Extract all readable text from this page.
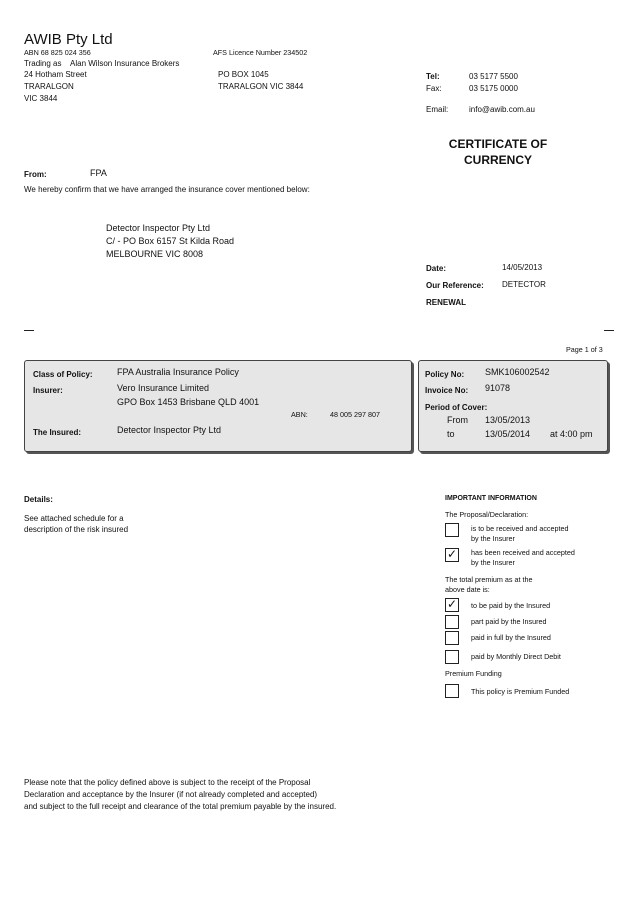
AWIB Pty Ltd
ABN 68 825 024 356	AFS Licence Number 234502
Trading as Alan Wilson Insurance Brokers
24 Hotham Street
TRARALGON
VIC 3844
PO BOX 1045
TRARALGON VIC 3844
Tel:	03 5177 5500
Fax:	03 5175 0000
Email:	info@awib.com.au
CERTIFICATE OF
CURRENCY
From:	FPA
We hereby confirm that we have arranged the insurance cover mentioned below:
Detector Inspector Pty Ltd
C/ - PO Box 6157 St Kilda Road
MELBOURNE VIC 8008
Date:	14/05/2013
Our Reference: DETECTOR
RENEWAL
Page 1 of 3
Class of Policy:	FPA Australia Insurance Policy
Insurer:	Vero Insurance Limited
GPO Box 1453 Brisbane QLD 4001
ABN:	48 005 297 807
The Insured:	Detector Inspector Pty Ltd
Policy No: SMK106002542
Invoice No: 91078
Period of Cover:
From 13/05/2013
to	13/05/2014 at 4:00 pm
Details:
See attached schedule for a
description of the risk insured
IMPORTANT INFORMATION
The Proposal/Declaration:
is to be received and accepted
by the Insurer
✓ has been received and accepted
by the Insurer
The total premium as at the
above date is:
✓ to be paid by the Insured
part paid by the Insured
paid in full by the Insured
paid by Monthly Direct Debit
Premium Funding
This policy is Premium Funded
Please note that the policy defined above is subject to the receipt of the Proposal
Declaration and acceptance by the Insurer (if not already completed and accepted)
and subject to the full receipt and clearance of the total premium payable by the insured.
